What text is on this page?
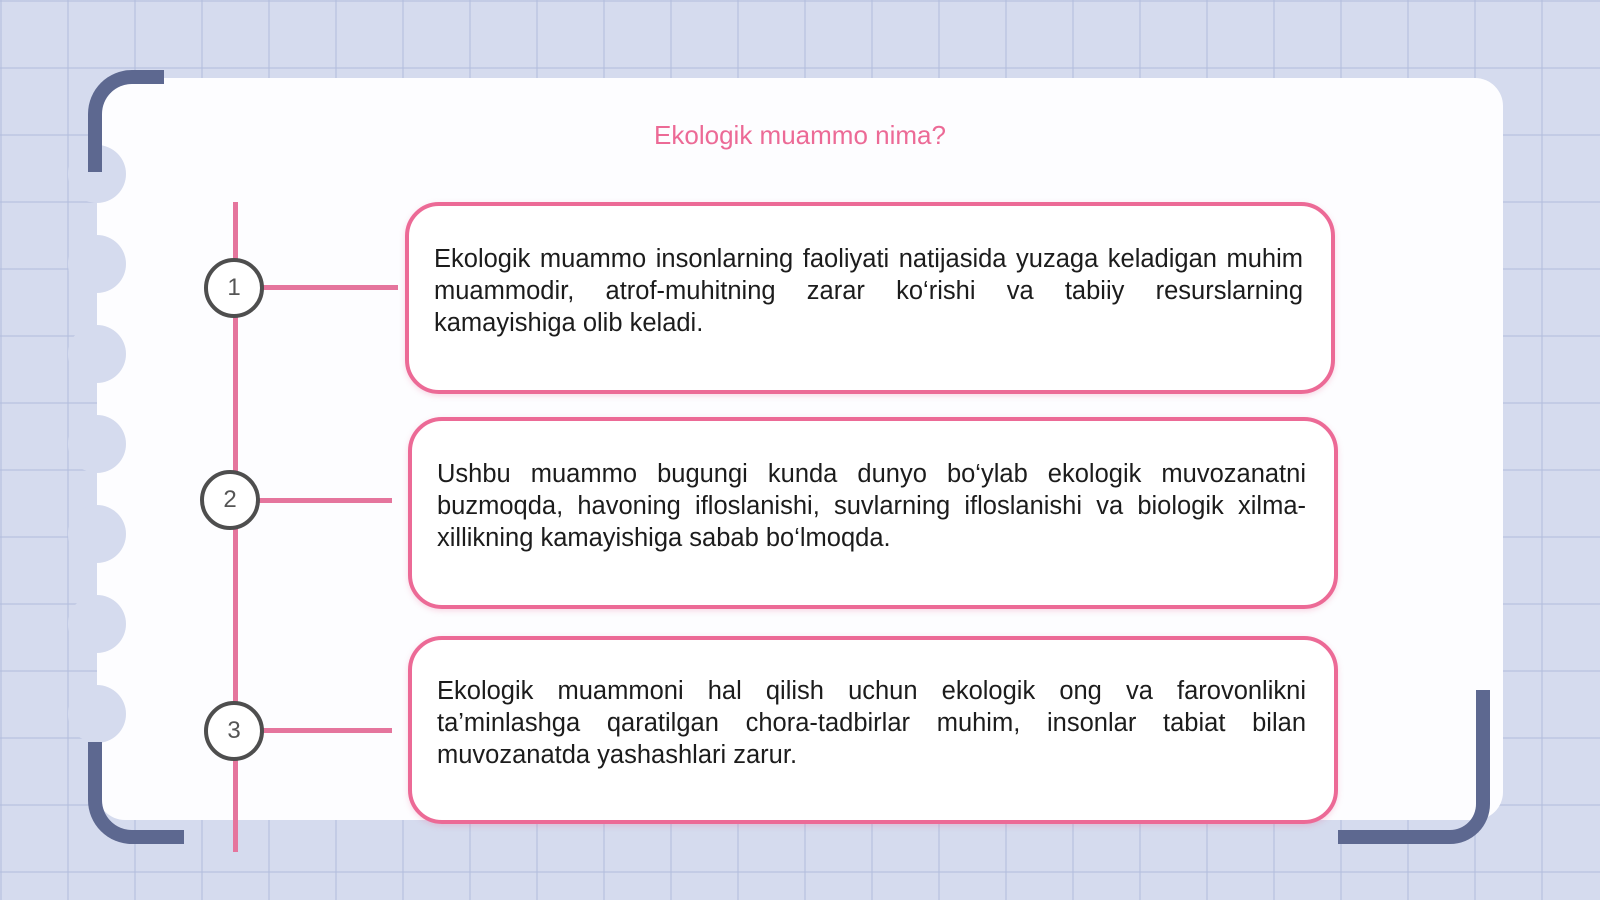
Ekologik muammo nima?
1
2
3

Ekologik muammo insonlarning faoliyati natijasida yuzaga keladigan muhim muammodir, atrof-muhitning zarar ko‘rishi va tabiiy resurslarning kamayishiga olib keladi.

Ushbu muammo bugungi kunda dunyo bo‘ylab ekologik muvozanatni buzmoqda, havoning ifloslanishi, suvlarning ifloslanishi va biologik xilma-xillikning kamayishiga sabab bo‘lmoqda.

Ekologik muammoni hal qilish uchun ekologik ong va farovonlikni ta’minlashga qaratilgan chora-tadbirlar muhim, insonlar tabiat bilan muvozanatda yashashlari zarur.
